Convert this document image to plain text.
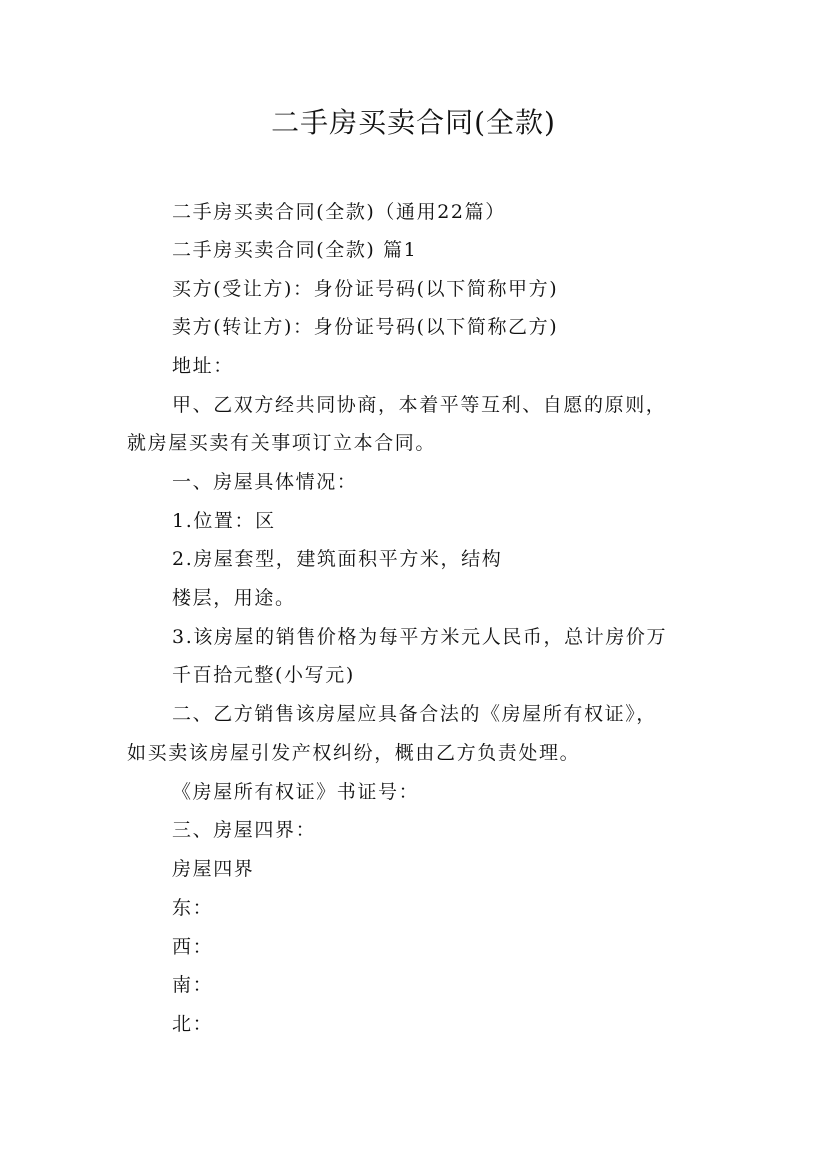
二手房买卖合同(全款)
二手房买卖合同(全款)（通用22篇）
二手房买卖合同(全款) 篇1
买方(受让方)：身份证号码(以下简称甲方)
卖方(转让方)：身份证号码(以下简称乙方)
地址：
甲、乙双方经共同协商，本着平等互利、自愿的原则，
就房屋买卖有关事项订立本合同。
一、房屋具体情况：
1.位置：区
2.房屋套型，建筑面积平方米，结构
楼层，用途。
3.该房屋的销售价格为每平方米元人民币，总计房价万
千百拾元整(小写元)
二、乙方销售该房屋应具备合法的《房屋所有权证》，
如买卖该房屋引发产权纠纷，概由乙方负责处理。
《房屋所有权证》书证号：
三、房屋四界：
房屋四界
东：
西：
南：
北：
